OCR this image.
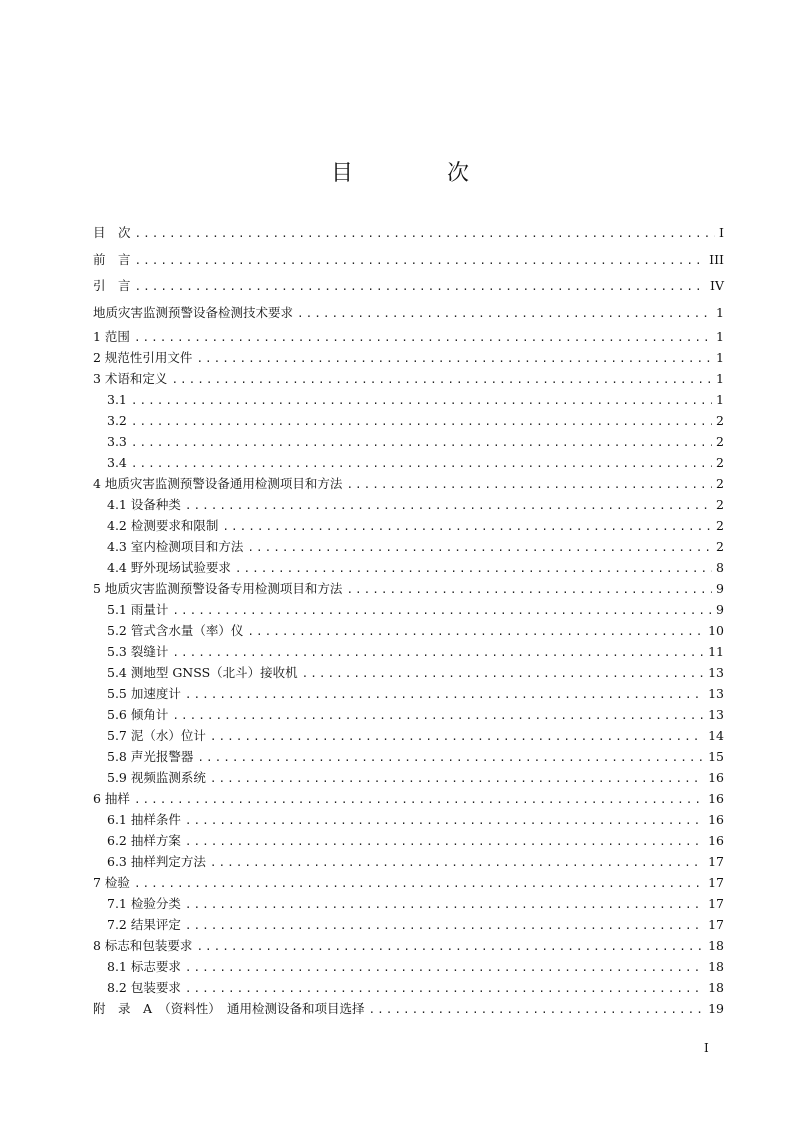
目　次
目　次 .....	I
前　言 .....	III
引　言 .....	IV
地质灾害监测预警设备检测技术要求 .....	1
1 范围 .....	1
2 规范性引用文件 .....	1
3 术语和定义 .....	1
3.1 .....	1
3.2 .....	2
3.3 .....	2
3.4 .....	2
4 地质灾害监测预警设备通用检测项目和方法 .....	2
4.1 设备种类 .....	2
4.2 检测要求和限制 .....	2
4.3 室内检测项目和方法 .....	2
4.4 野外现场试验要求 .....	8
5 地质灾害监测预警设备专用检测项目和方法 .....	9
5.1 雨量计 .....	9
5.2 管式含水量（率）仪 .....	10
5.3 裂缝计 .....	11
5.4 测地型 GNSS（北斗）接收机 .....	13
5.5 加速度计 .....	13
5.6 倾角计 .....	13
5.7 泥（水）位计 .....	14
5.8 声光报警器 .....	15
5.9 视频监测系统 .....	16
6 抽样 .....	16
6.1 抽样条件 .....	16
6.2 抽样方案 .....	16
6.3 抽样判定方法 .....	17
7 检验 .....	17
7.1 检验分类 .....	17
7.2 结果评定 .....	17
8 标志和包装要求 .....	18
8.1 标志要求 .....	18
8.2 包装要求 .....	18
附　录　A　（资料性）　通用检测设备和项目选择 .....	19
I
